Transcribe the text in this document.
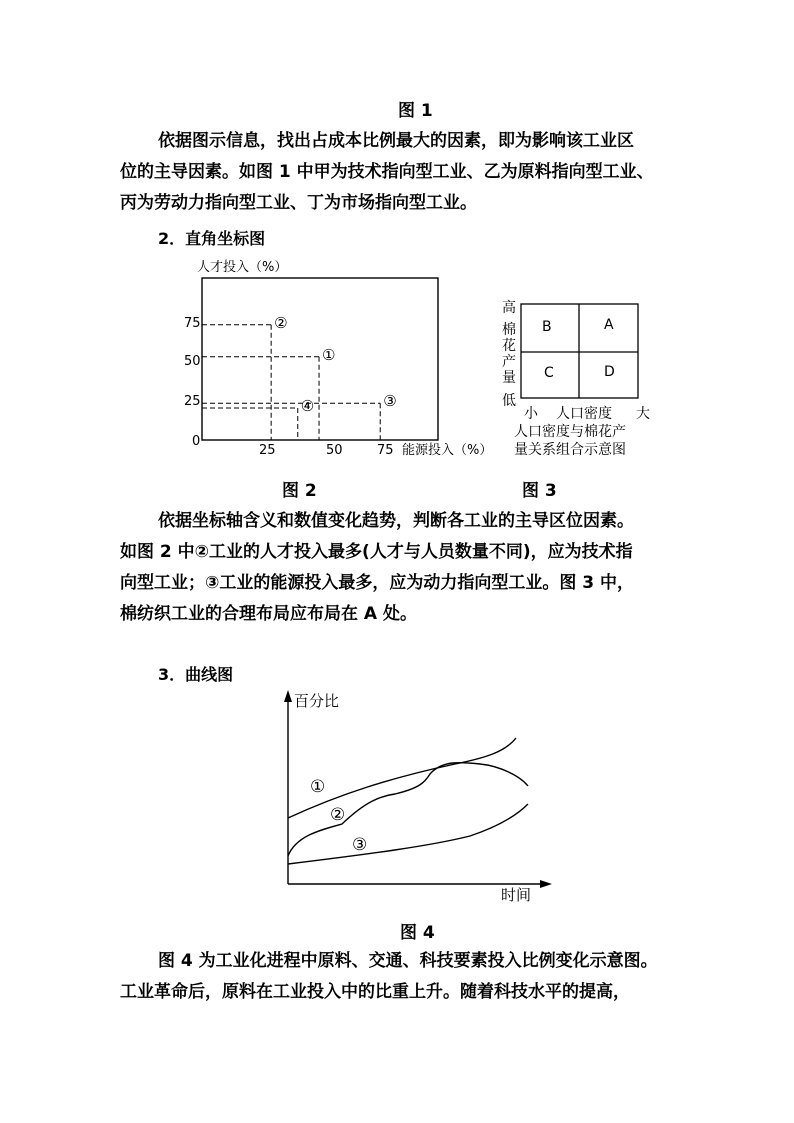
图 1
依据图示信息，找出占成本比例最大的因素，即为影响该工业区
位的主导因素。如图 1 中甲为技术指向型工业、乙为原料指向型工业、
丙为劳动力指向型工业、丁为市场指向型工业。
2．直角坐标图
人才投入（%）
75
50
25
0
25	50	75 能源投入（%）
①
②
③
④
B	A
C	D
高
棉
花
产
量
低
小 人口密度 大
人口密度与棉花产
量关系组合示意图
图 2	图 3
依据坐标轴含义和数值变化趋势，判断各工业的主导区位因素。
如图 2 中②工业的人才投入最多(人才与人员数量不同)，应为技术指
向型工业；③工业的能源投入最多，应为动力指向型工业。图 3 中，
棉纺织工业的合理布局应布局在 A 处。
3．曲线图
百分比
时间
①
②
③
图 4
图 4 为工业化进程中原料、交通、科技要素投入比例变化示意图。
工业革命后，原料在工业投入中的比重上升。随着科技水平的提高，
